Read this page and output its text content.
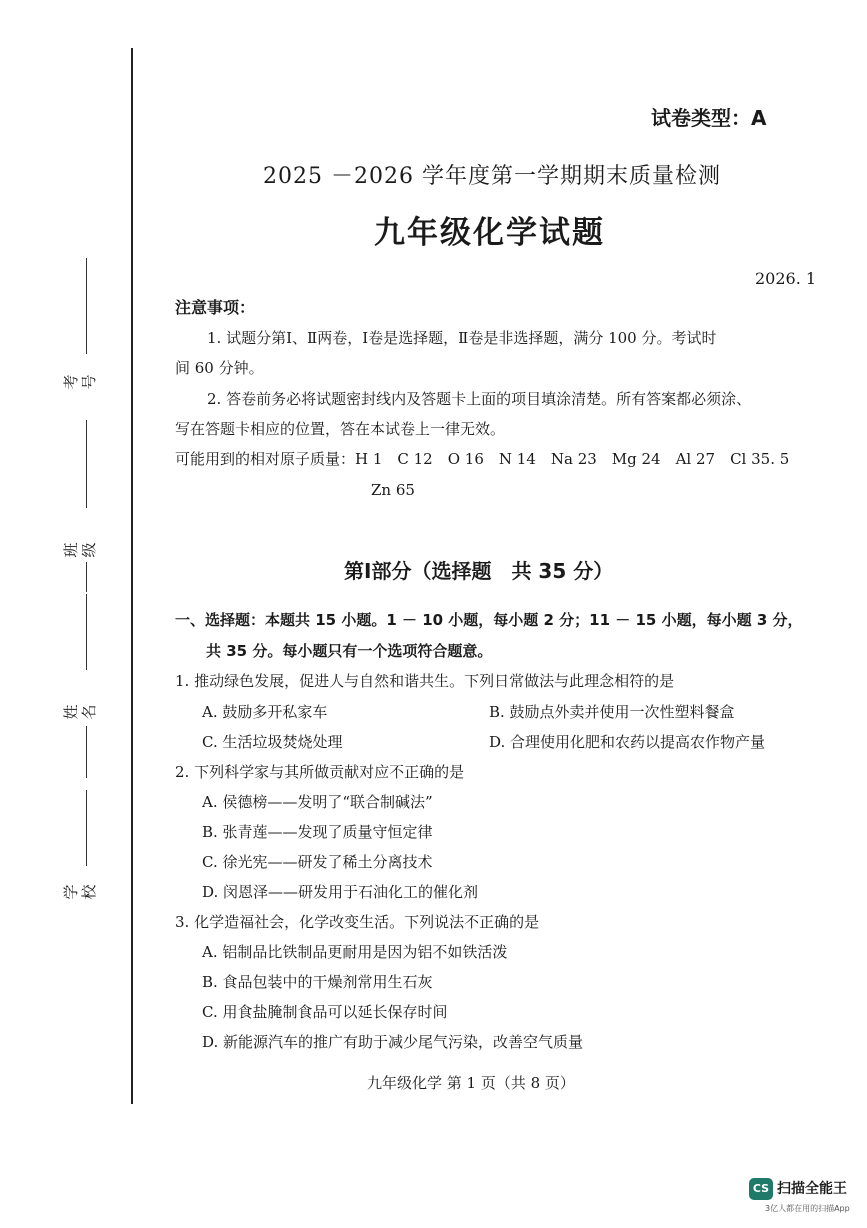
考号
班级
姓名
学校
试卷类型：A
2025 －2026 学年度第一学期期末质量检测
九年级化学试题
2026. 1
注意事项：
1. 试题分第Ⅰ、Ⅱ两卷，Ⅰ卷是选择题，Ⅱ卷是非选择题，满分 100 分。考试时
间 60 分钟。
2. 答卷前务必将试题密封线内及答题卡上面的项目填涂清楚。所有答案都必须涂、
写在答题卡相应的位置，答在本试卷上一律无效。
可能用到的相对原子质量：H 1　C 12　O 16　N 14　Na 23　Mg 24　Al 27　Cl 35. 5
Zn 65
第Ⅰ部分（选择题　共 35 分）
一、选择题：本题共 15 小题。1 － 10 小题，每小题 2 分；11 － 15 小题，每小题 3 分，
共 35 分。每小题只有一个选项符合题意。
1. 推动绿色发展，促进人与自然和谐共生。下列日常做法与此理念相符的是
A. 鼓励多开私家车	B. 鼓励点外卖并使用一次性塑料餐盒
C. 生活垃圾焚烧处理	D. 合理使用化肥和农药以提高农作物产量
2. 下列科学家与其所做贡献对应不正确的是
A. 侯德榜——发明了“联合制碱法”
B. 张青莲——发现了质量守恒定律
C. 徐光宪——研发了稀土分离技术
D. 闵恩泽——研发用于石油化工的催化剂
3. 化学造福社会，化学改变生活。下列说法不正确的是
A. 铝制品比铁制品更耐用是因为铝不如铁活泼
B. 食品包装中的干燥剂常用生石灰
C. 用食盐腌制食品可以延长保存时间
D. 新能源汽车的推广有助于减少尾气污染，改善空气质量
九年级化学 第 1 页（共 8 页）
CS 扫描全能王
3亿人都在用的扫描App
